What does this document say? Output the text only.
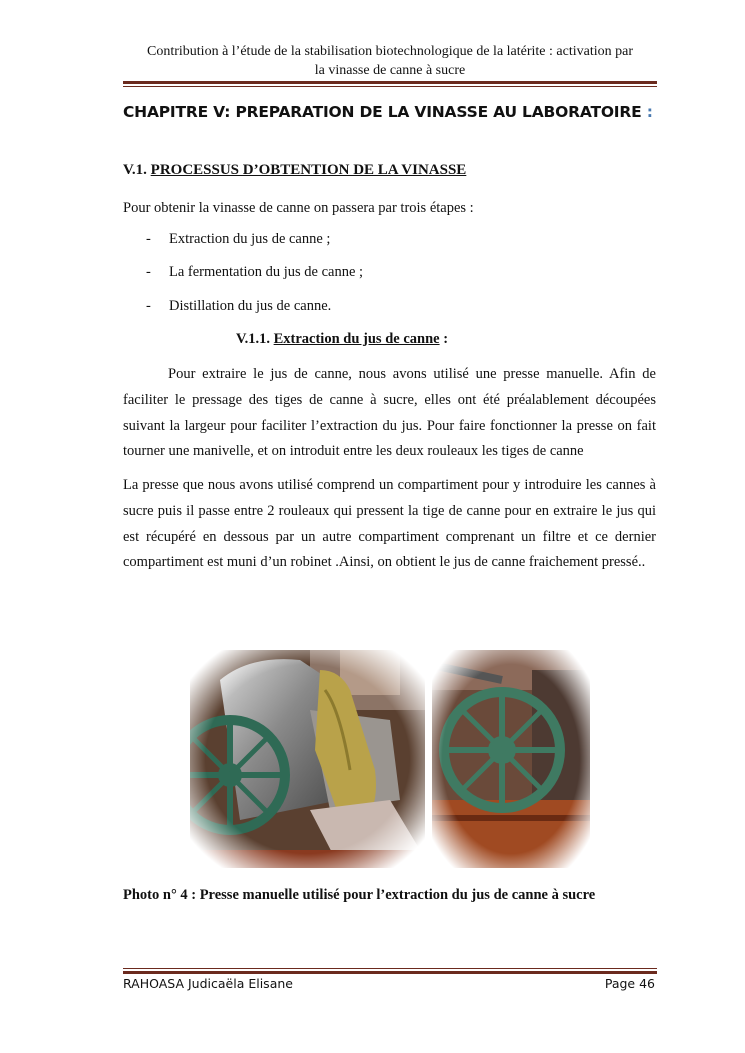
Contribution à l’étude de la stabilisation biotechnologique de la latérite : activation par
la vinasse de canne à sucre
CHAPITRE V: PREPARATION DE LA VINASSE AU LABORATOIRE :
V.1. PROCESSUS D’OBTENTION DE LA VINASSE
Pour obtenir la vinasse de canne on passera par trois étapes :
- Extraction du jus de canne ;
- La fermentation du jus de canne ;
- Distillation du jus de canne.
V.1.1. Extraction du jus de canne :
Pour extraire le jus de canne, nous avons utilisé une presse manuelle. Afin de faciliter le pressage des tiges de canne à sucre, elles ont été préalablement découpées suivant la largeur pour faciliter l’extraction du jus. Pour faire fonctionner la presse on fait tourner une manivelle, et on introduit entre les deux rouleaux les tiges de canne
La presse que nous avons utilisé comprend un compartiment pour y introduire les cannes à sucre puis il passe entre 2 rouleaux qui pressent la tige de canne pour en extraire le jus qui est récupéré en dessous par un autre compartiment comprenant un filtre et ce dernier compartiment est muni d’un robinet .Ainsi, on obtient le jus de canne fraichement pressé..
Photo n° 4 : Presse manuelle utilisé pour l’extraction du jus de canne à sucre
RAHOASA Judicaëla Elisane	Page 46
